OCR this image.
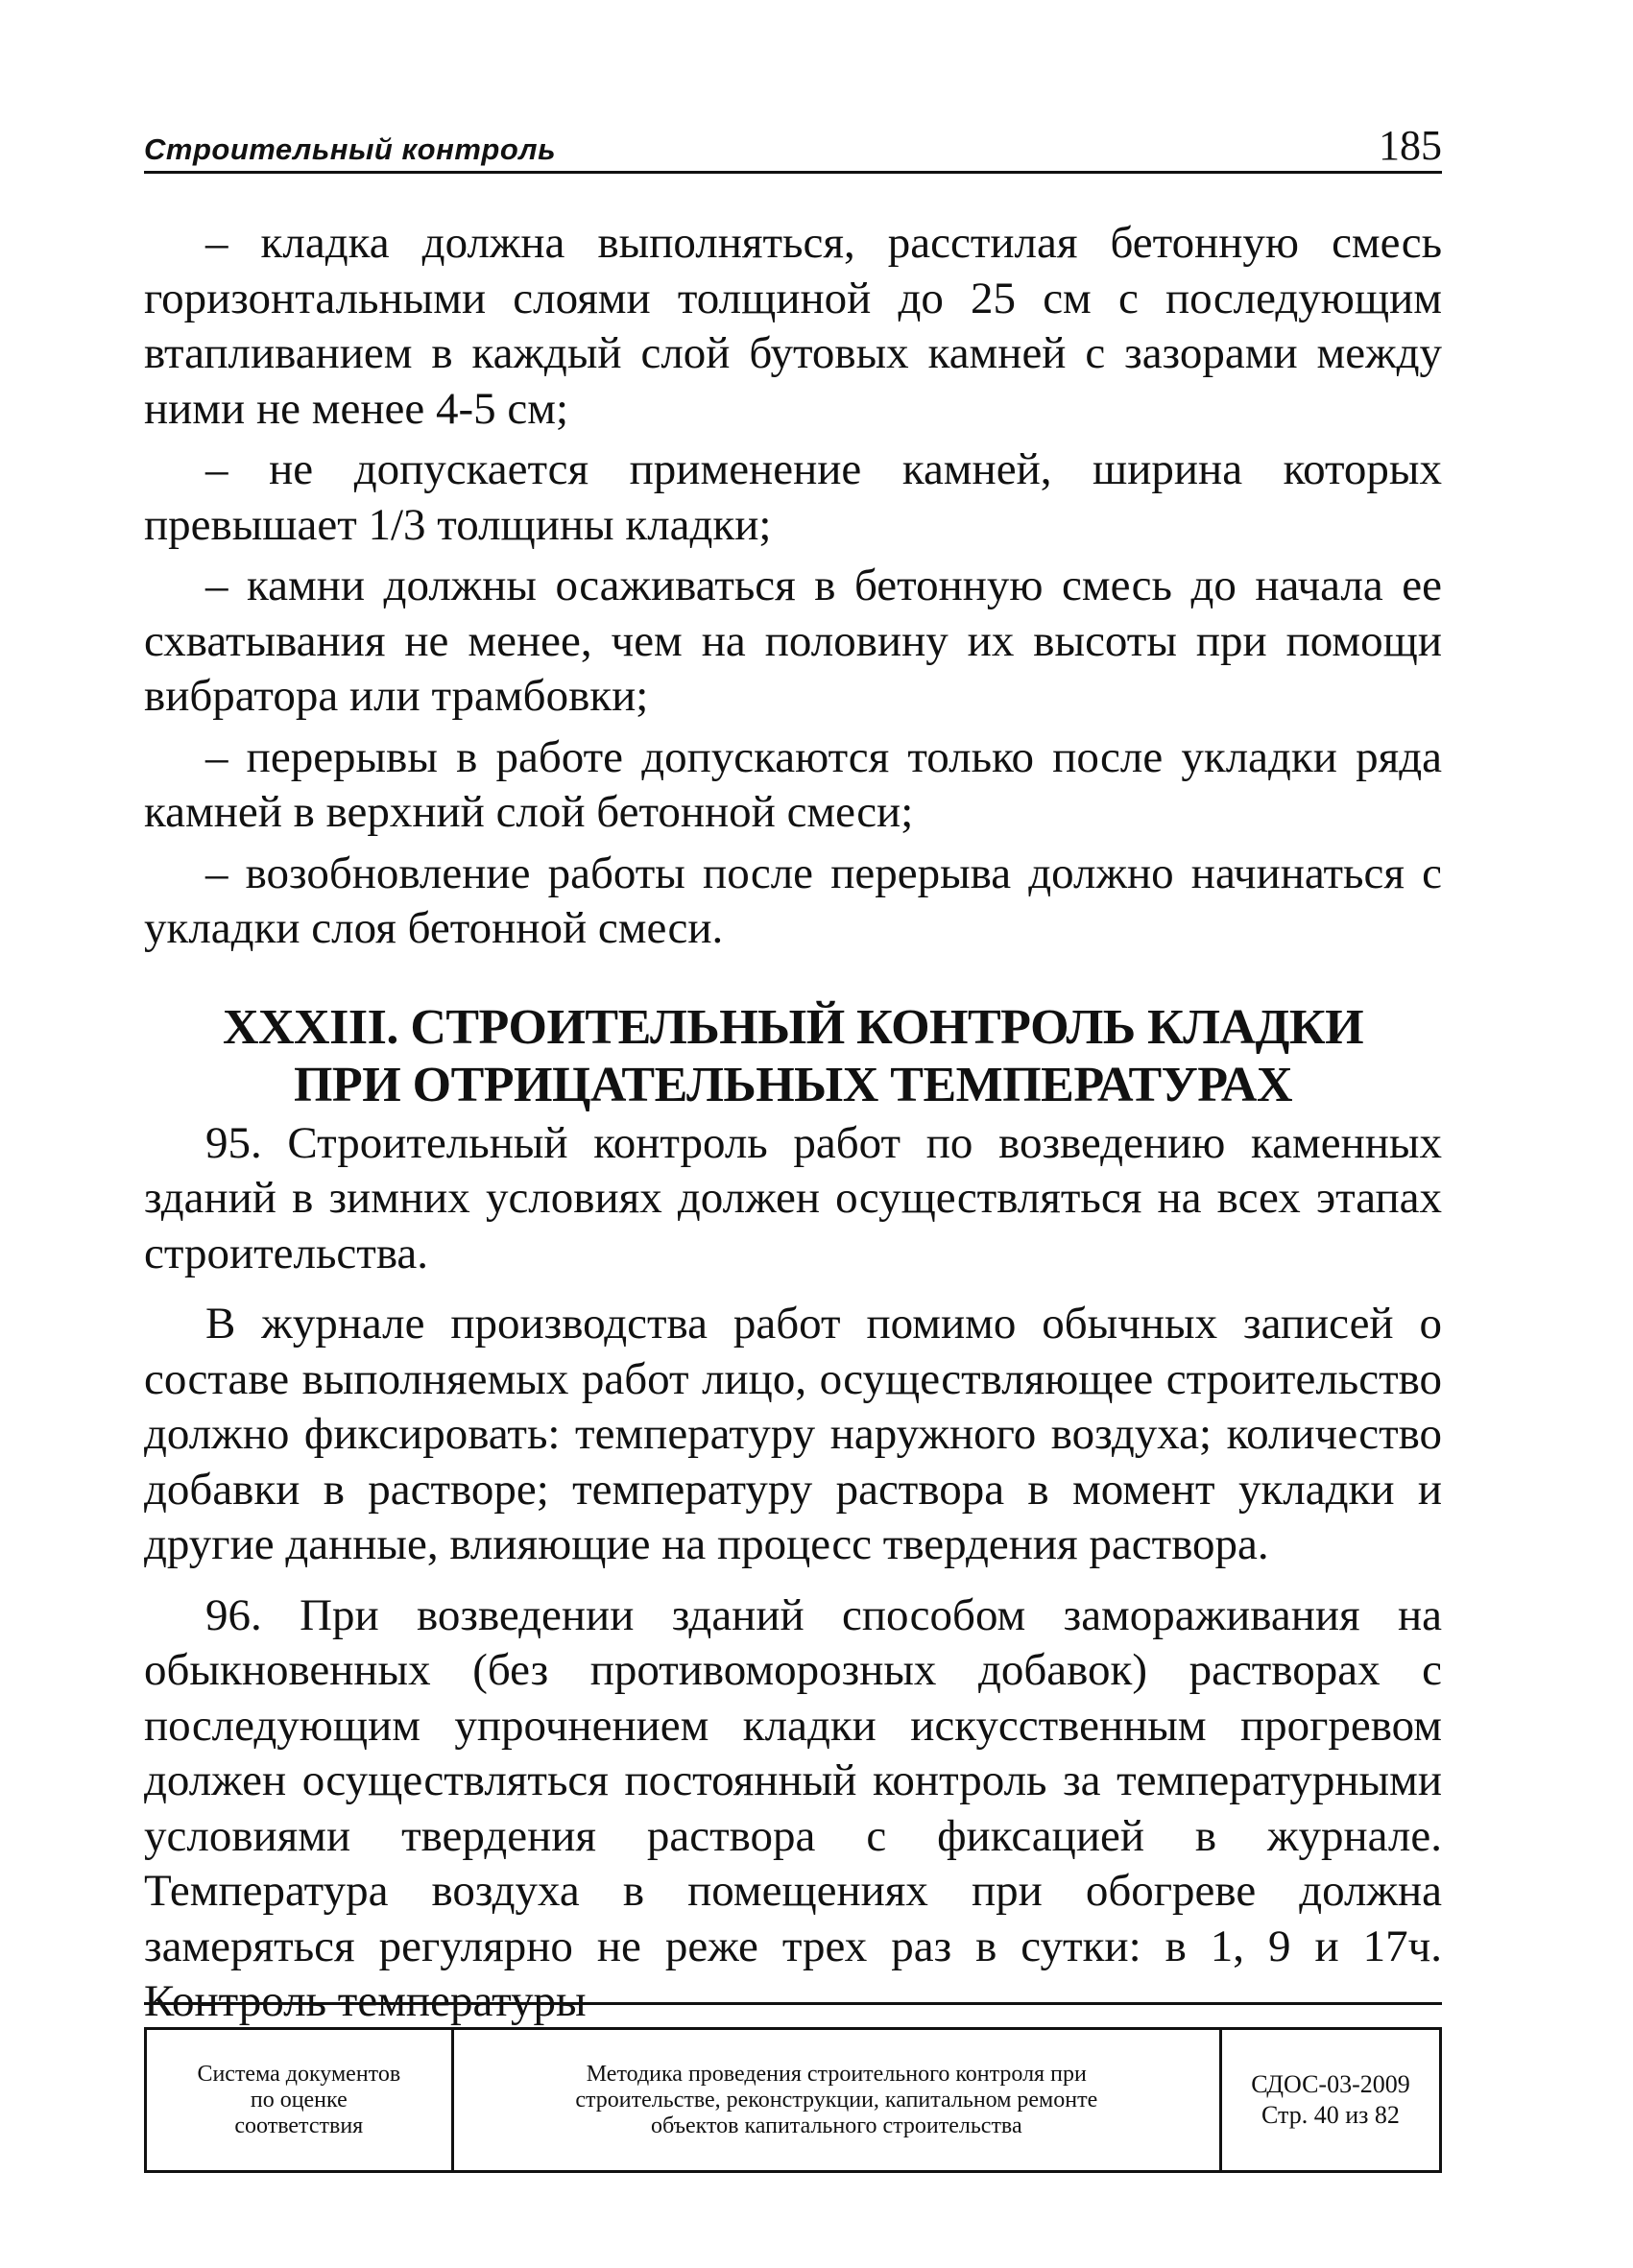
Строительный контроль	185

– кладка должна выполняться, расстилая бетонную смесь горизонтальными слоями толщиной до 25 см с последующим втапливанием в каждый слой бутовых камней с зазорами между ними не менее 4-5 см;

– не допускается применение камней, ширина которых превышает 1/3 толщины кладки;

– камни должны осаживаться в бетонную смесь до начала ее схватывания не менее, чем на половину их высоты при помощи вибратора или трамбовки;

– перерывы в работе допускаются только после укладки ряда камней в верхний слой бетонной смеси;

– возобновление работы после перерыва должно начинаться с укладки слоя бетонной смеси.

XXXIII. СТРОИТЕЛЬНЫЙ КОНТРОЛЬ КЛАДКИ
ПРИ ОТРИЦАТЕЛЬНЫХ ТЕМПЕРАТУРАХ

95. Строительный контроль работ по возведению каменных зданий в зимних условиях должен осуществляться на всех этапах строительства.

В журнале производства работ помимо обычных записей о составе выполняемых работ лицо, осуществляющее строительство должно фиксировать: температуру наружного воздуха; количество добавки в растворе; температуру раствора в момент укладки и другие данные, влияющие на процесс твердения раствора.

96. При возведении зданий способом замораживания на обыкновенных (без противоморозных добавок) растворах с последующим упрочнением кладки искусственным прогревом должен осуществляться постоянный контроль за температурными условиями твердения раствора с фиксацией в журнале. Температура воздуха в помещениях при обогреве должна замеряться регулярно не реже трех раз в сутки: в 1, 9 и 17ч. Контроль температуры

Система документов
по оценке
соответствия
Методика проведения строительного контроля при
строительстве, реконструкции, капитальном ремонте
объектов капитального строительства
СДОС-03-2009
Стр. 40 из 82
